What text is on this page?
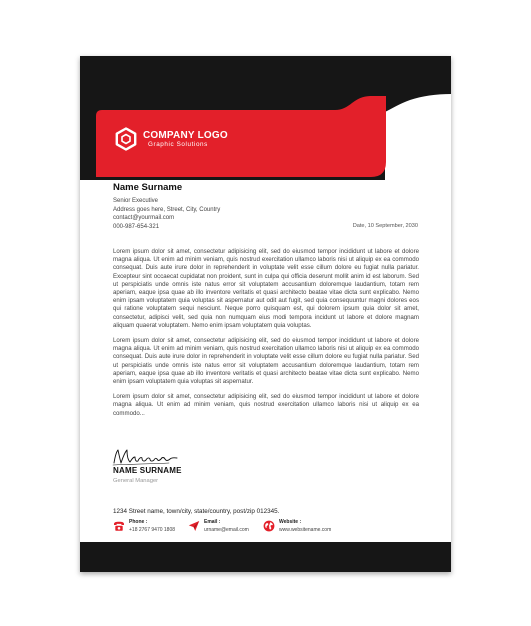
COMPANY LOGO
Graphic Solutions
Name Surname
Senior Executive
Address goes here, Street, City, Country
contact@yourmail.com
000-987-654-321	Date, 10 September, 2030

Lorem ipsum dolor sit amet, consectetur adipisicing elit, sed do eiusmod tempor incididunt ut labore et dolore magna aliqua. Ut enim ad minim veniam, quis nostrud exercitation ullamco laboris nisi ut aliquip ex ea commodo consequat. Duis aute irure dolor in reprehenderit in voluptate velit esse cillum dolore eu fugiat nulla pariatur. Excepteur sint occaecat cupidatat non proident, sunt in culpa qui officia deserunt mollit anim id est laborum. Sed ut perspiciatis unde omnis iste natus error sit voluptatem accusantium doloremque laudantium, totam rem aperiam, eaque ipsa quae ab illo inventore veritatis et quasi architecto beatae vitae dicta sunt explicabo. Nemo enim ipsam voluptatem quia voluptas sit aspernatur aut odit aut fugit, sed quia consequuntur magni dolores eos qui ratione voluptatem sequi nesciunt. Neque porro quisquam est, qui dolorem ipsum quia dolor sit amet, consectetur, adipisci velit, sed quia non numquam eius modi tempora incidunt ut labore et dolore magnam aliquam quaerat voluptatem. Nemo enim ipsam voluptatem quia voluptas.

Lorem ipsum dolor sit amet, consectetur adipisicing elit, sed do eiusmod tempor incididunt ut labore et dolore magna aliqua. Ut enim ad minim veniam, quis nostrud exercitation ullamco laboris nisi ut aliquip ex ea commodo consequat. Duis aute irure dolor in reprehenderit in voluptate velit esse cillum dolore eu fugiat nulla pariatur. Sed ut perspiciatis unde omnis iste natus error sit voluptatem accusantium doloremque laudantium, totam rem aperiam, eaque ipsa quae ab illo inventore veritatis et quasi architecto beatae vitae dicta sunt explicabo. Nemo enim ipsam voluptatem quia voluptas sit aspernatur.

Lorem ipsum dolor sit amet, consectetur adipisicing elit, sed do eiusmod tempor incididunt ut labore et dolore magna aliqua. Ut enim ad minim veniam, quis nostrud exercitation ullamco laboris nisi ut aliquip ex ea commodo...

NAME SURNAME
General Manager
1234 Street name, town/city, state/country, post/zip 012345.
Phone :
+18 2767 9470 1808
Email :
urname@email.com
Website :
www.websitename.com
